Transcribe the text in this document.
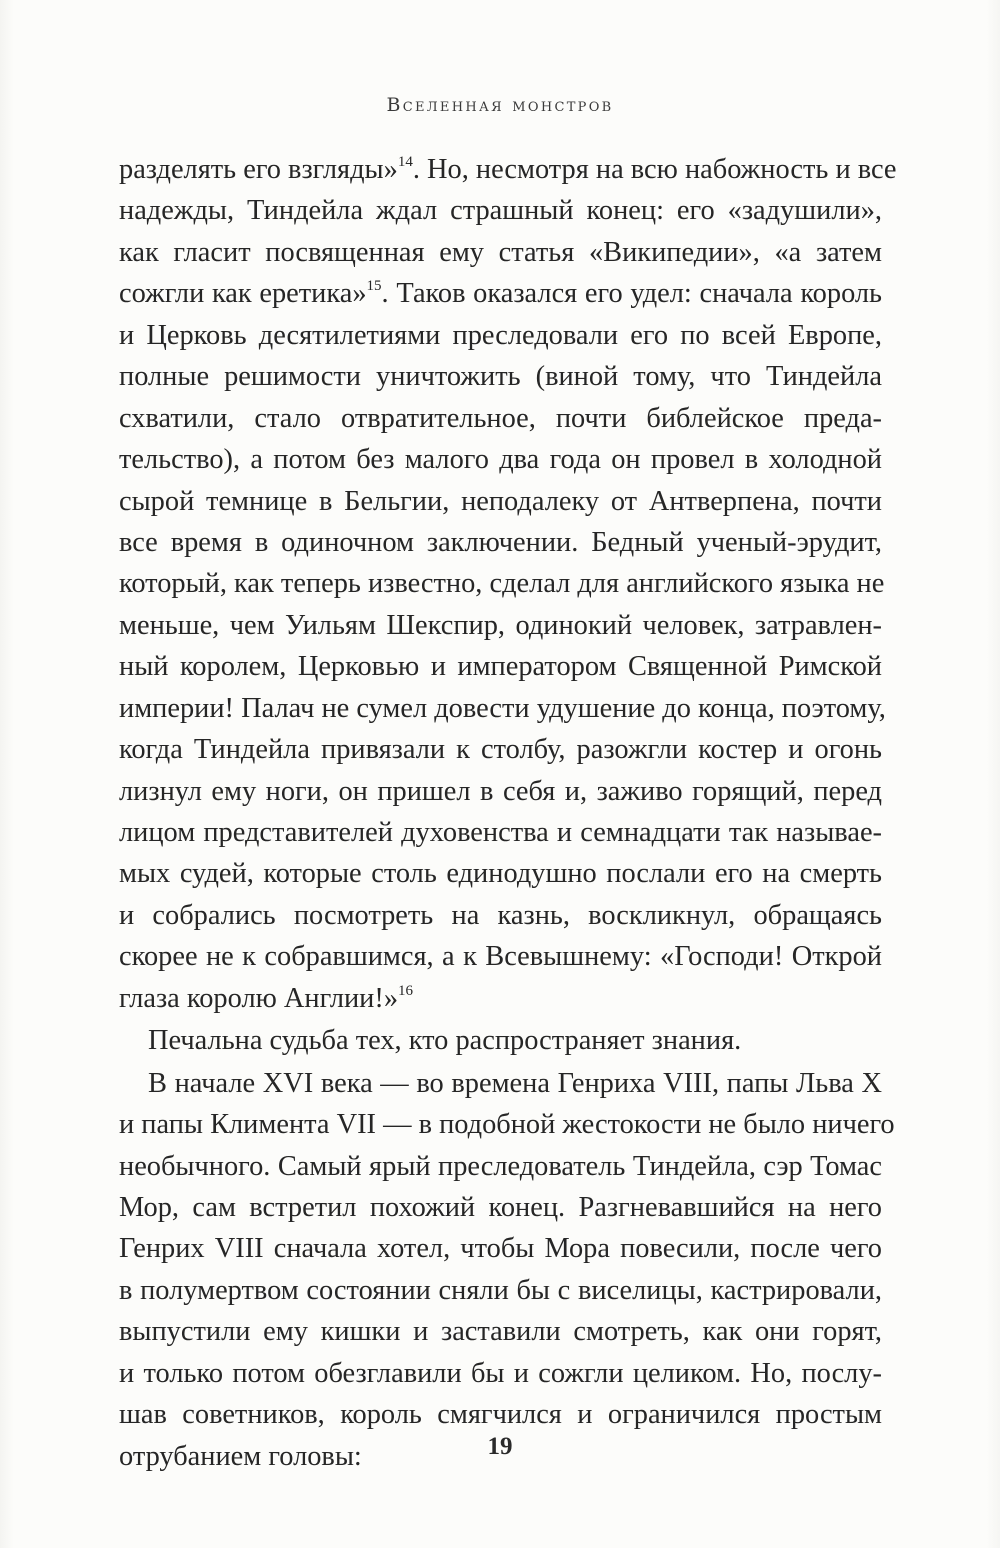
Вселенная монстров
разделять его взгляды»$^{14}$. Но, несмотря на всю набожность и все
надежды, Тиндейла ждал страшный конец: его «задушили»,
как гласит посвященная ему статья «Википедии», «а затем
сожгли как еретика»$^{15}$. Таков оказался его удел: сначала король
и Церковь десятилетиями преследовали его по всей Европе,
полные решимости уничтожить (виной тому, что Тиндейла
схватили, стало отвратительное, почти библейское преда-
тельство), а потом без малого два года он провел в холодной
сырой темнице в Бельгии, неподалеку от Антверпена, почти
все время в одиночном заключении. Бедный ученый-эрудит,
который, как теперь известно, сделал для английского языка не
меньше, чем Уильям Шекспир, одинокий человек, затравлен-
ный королем, Церковью и императором Священной Римской
империи! Палач не сумел довести удушение до конца, поэтому,
когда Тиндейла привязали к столбу, разожгли костер и огонь
лизнул ему ноги, он пришел в себя и, заживо горящий, перед
лицом представителей духовенства и семнадцати так называе-
мых судей, которые столь единодушно послали его на смерть
и собрались посмотреть на казнь, воскликнул, обращаясь
скорее не к собравшимся, а к Всевышнему: «Господи! Открой
глаза королю Англии!»$^{16}$
Печальна судьба тех, кто распространяет знания.
В начале XVI века — во времена Генриха VIII, папы Льва X
и папы Климента VII — в подобной жестокости не было ничего
необычного. Самый ярый преследователь Тиндейла, сэр Томас
Мор, сам встретил похожий конец. Разгневавшийся на него
Генрих VIII сначала хотел, чтобы Мора повесили, после чего
в полумертвом состоянии сняли бы с виселицы, кастрировали,
выпустили ему кишки и заставили смотреть, как они горят,
и только потом обезглавили бы и сожгли целиком. Но, послу-
шав советников, король смягчился и ограничился простым
отрубанием головы:	19
